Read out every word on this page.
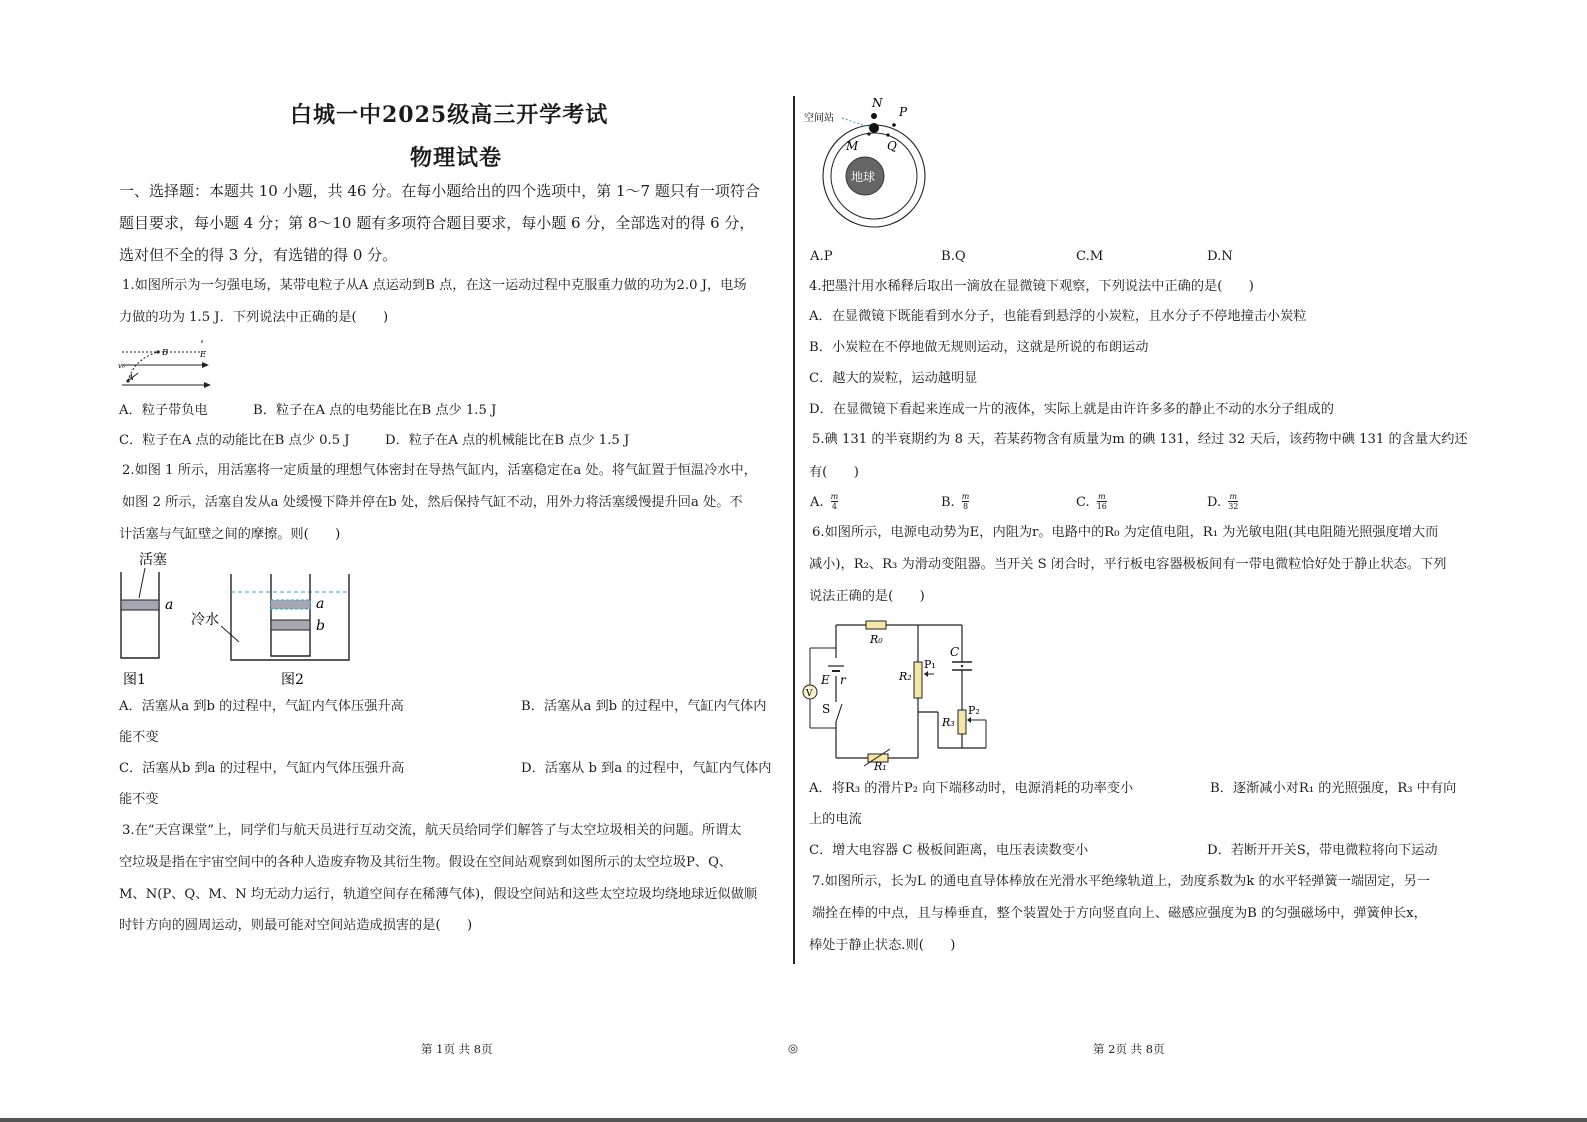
白城一中2025级高三开学考试
物理试卷
一、选择题：本题共 10 小题，共 46 分。在每小题给出的四个选项中，第 1～7 题只有一项符合
题目要求，每小题 4 分；第 8～10 题有多项符合题目要求，每小题 6 分，全部选对的得 6 分，
选对但不全的得 3 分，有选错的得 0 分。
1.如图所示为一匀强电场，某带电粒子从A 点运动到B 点，在这一运动过程中克服重力做的功为2.0 J，电场
力做的功为 1.5 J．下列说法中正确的是(　　)
B	E
A
v₀
A．粒子带负电	B．粒子在A 点的电势能比在B 点少 1.5 J
C．粒子在A 点的动能比在B 点少 0.5 J	D．粒子在A 点的机械能比在B 点少 1.5 J
2.如图 1 所示，用活塞将一定质量的理想气体密封在导热气缸内，活塞稳定在a 处。将气缸置于恒温冷水中，
如图 2 所示，活塞自发从a 处缓慢下降并停在b 处，然后保持气缸不动，用外力将活塞缓慢提升回a 处。不
计活塞与气缸壁之间的摩擦。则(　　)
活塞
a
图1
冷水
a
b
图2
A．活塞从a 到b 的过程中，气缸内气体压强升高	B．活塞从a 到b 的过程中，气缸内气体内
能不变
C．活塞从b 到a 的过程中，气缸内气体压强升高	D．活塞从 b 到a 的过程中，气缸内气体内
能不变
3.在“天宫课堂”上，同学们与航天员进行互动交流，航天员给同学们解答了与太空垃圾相关的问题。所谓太
空垃圾是指在宇宙空间中的各种人造废弃物及其衍生物。假设在空间站观察到如图所示的太空垃圾P、Q、
M、N(P、Q、M、N 均无动力运行，轨道空间存在稀薄气体)，假设空间站和这些太空垃圾均绕地球近似做顺
时针方向的圆周运动，则最可能对空间站造成损害的是(　　)
地球
空间站
N
P
M Q
A.P	B.Q	C.M	D.N
4.把墨汁用水稀释后取出一滴放在显微镜下观察，下列说法中正确的是(　　)
A．在显微镜下既能看到水分子，也能看到悬浮的小炭粒，且水分子不停地撞击小炭粒
B．小炭粒在不停地做无规则运动，这就是所说的布朗运动
C．越大的炭粒，运动越明显
D．在显微镜下看起来连成一片的液体，实际上就是由许许多多的静止不动的水分子组成的
5.碘 131 的半衰期约为 8 天，若某药物含有质量为m 的碘 131，经过 32 天后，该药物中碘 131 的含量大约还
有(　　)
A. $\frac{m}{4}$	B. $\frac{m}{8}$	C. $\frac{m}{16}$	D. $\frac{m}{32}$
6.如图所示，电源电动势为E，内阻为r。电路中的R₀ 为定值电阻，R₁ 为光敏电阻(其电阻随光照强度增大而
减小)，R₂、R₃ 为滑动变阻器。当开关 S 闭合时，平行板电容器极板间有一带电微粒恰好处于静止状态。下列
说法正确的是(　　)
R₀
E r
V
S
R₁
R₂
P₁
C
R₃
P₂
A．将R₃ 的滑片P₂ 向下端移动时，电源消耗的功率变小	B．逐渐减小对R₁ 的光照强度，R₃ 中有向
上的电流
C．增大电容器 C 极板间距离，电压表读数变小	D．若断开开关S，带电微粒将向下运动
7.如图所示，长为L 的通电直导体棒放在光滑水平绝缘轨道上，劲度系数为k 的水平轻弹簧一端固定，另一
端拴在棒的中点，且与棒垂直，整个装置处于方向竖直向上、磁感应强度为B 的匀强磁场中，弹簧伸长x，
棒处于静止状态.则(　　)
第 1页 共 8页	◎	第 2页 共 8页
